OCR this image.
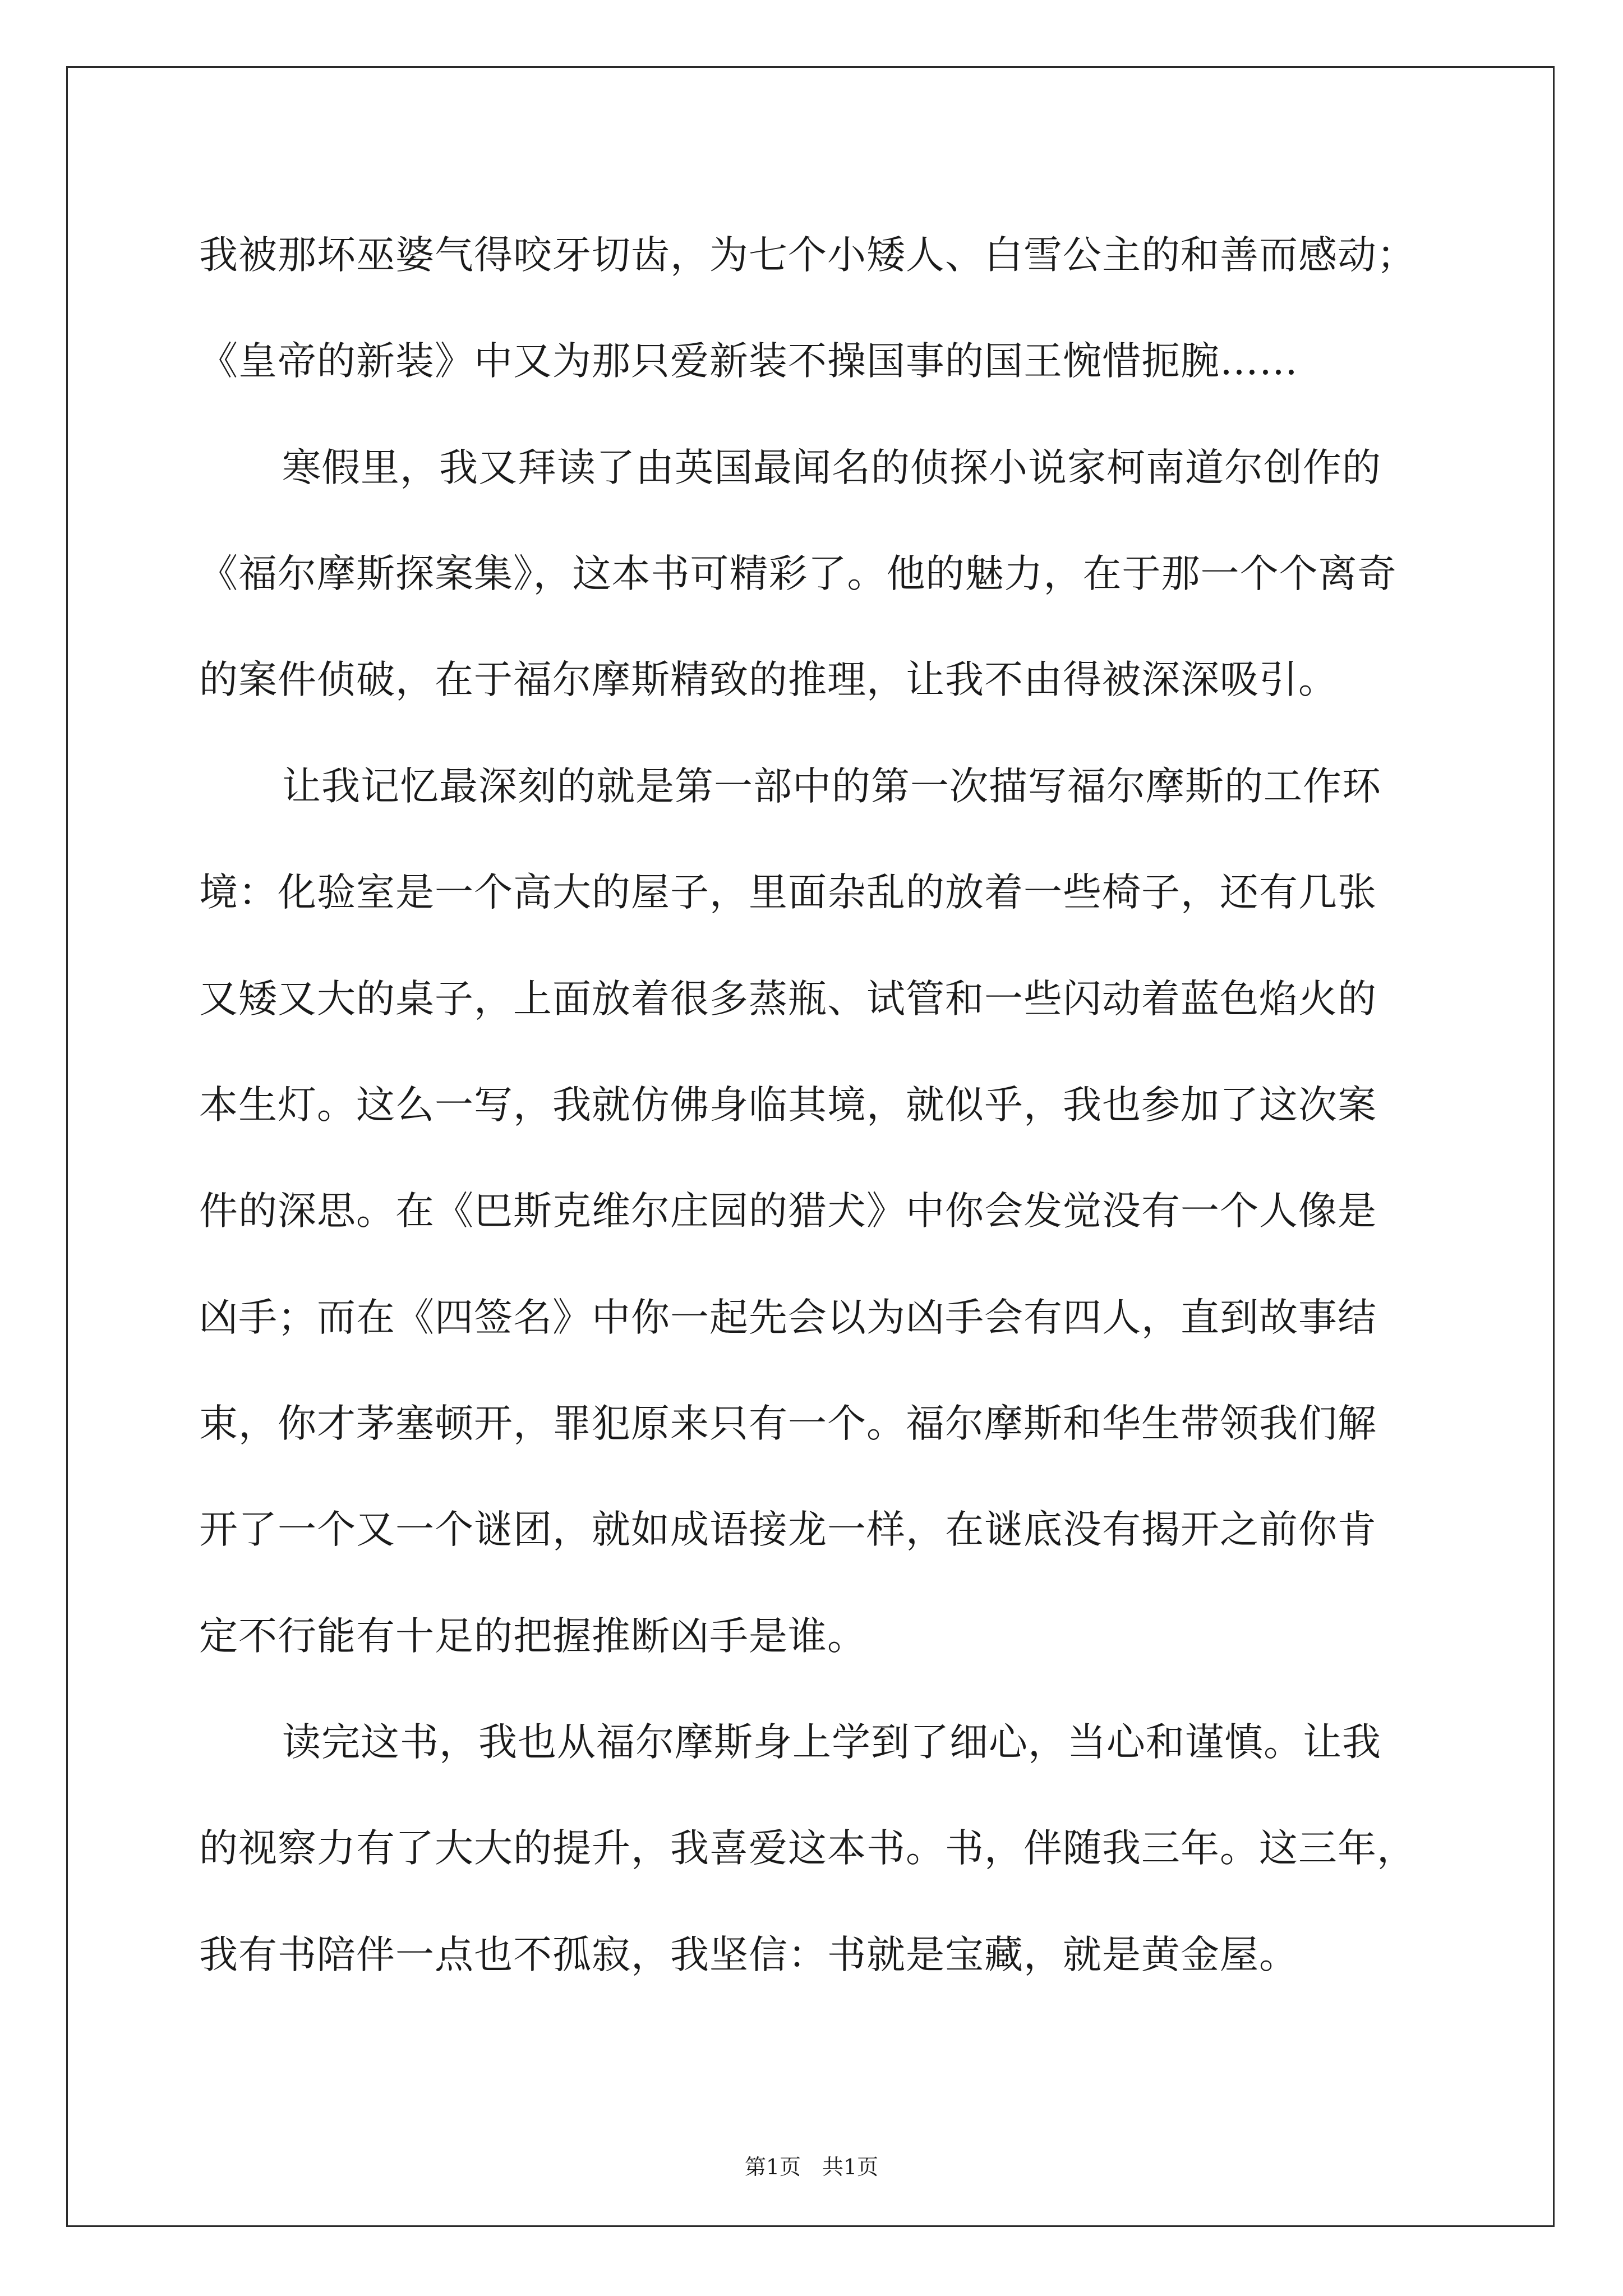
我被那坏巫婆气得咬牙切齿，为七个小矮人、白雪公主的和善而感动；
《皇帝的新装》中又为那只爱新装不操国事的国王惋惜扼腕……
寒假里，我又拜读了由英国最闻名的侦探小说家柯南道尔创作的
《福尔摩斯探案集》，这本书可精彩了。他的魅力，在于那一个个离奇
的案件侦破，在于福尔摩斯精致的推理，让我不由得被深深吸引。
让我记忆最深刻的就是第一部中的第一次描写福尔摩斯的工作环
境：化验室是一个高大的屋子，里面杂乱的放着一些椅子，还有几张
又矮又大的桌子，上面放着很多蒸瓶、试管和一些闪动着蓝色焰火的
本生灯。这么一写，我就仿佛身临其境，就似乎，我也参加了这次案
件的深思。在《巴斯克维尔庄园的猎犬》中你会发觉没有一个人像是
凶手；而在《四签名》中你一起先会以为凶手会有四人，直到故事结
束，你才茅塞顿开，罪犯原来只有一个。福尔摩斯和华生带领我们解
开了一个又一个谜团，就如成语接龙一样，在谜底没有揭开之前你肯
定不行能有十足的把握推断凶手是谁。
读完这书，我也从福尔摩斯身上学到了细心，当心和谨慎。让我
的视察力有了大大的提升，我喜爱这本书。书，伴随我三年。这三年，
我有书陪伴一点也不孤寂，我坚信：书就是宝藏，就是黄金屋。
第1页　共1页
